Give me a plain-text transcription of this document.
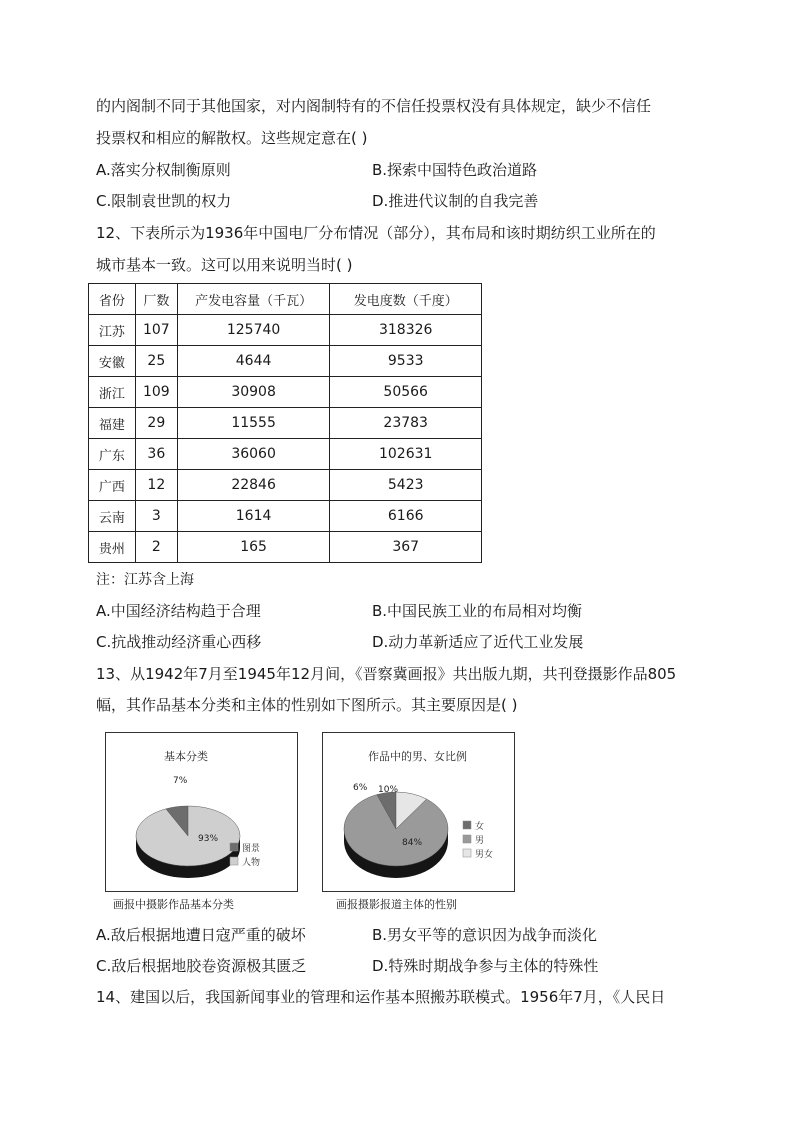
的内阁制不同于其他国家，对内阁制特有的不信任投票权没有具体规定，缺少不信任
投票权和相应的解散权。这些规定意在( )
A.落实分权制衡原则	B.探索中国特色政治道路
C.限制袁世凯的权力	D.推进代议制的自我完善
12、下表所示为1936年中国电厂分布情况（部分），其布局和该时期纺织工业所在的
城市基本一致。这可以用来说明当时( )
省份	厂数	产发电容量（千瓦）	发电度数（千度）
江苏	107	125740	318326
安徽	25	4644	9533
浙江	109	30908	50566
福建	29	11555	23783
广东	36	36060	102631
广西	12	22846	5423
云南	3	1614	6166
贵州	2	165	367
注：江苏含上海
A.中国经济结构趋于合理	B.中国民族工业的布局相对均衡
C.抗战推动经济重心西移	D.动力革新适应了近代工业发展
13、从1942年7月至1945年12月间，《晋察冀画报》共出版九期，共刊登摄影作品805
幅，其作品基本分类和主体的性别如下图所示。其主要原因是( )
基本分类
7%
93%
图景
人物
画报中摄影作品基本分类
作品中的男、女比例
6%
84%
10%
女
男
男女
画报摄影报道主体的性别
A.敌后根据地遭日寇严重的破坏	B.男女平等的意识因为战争而淡化
C.敌后根据地胶卷资源极其匮乏	D.特殊时期战争参与主体的特殊性
14、建国以后，我国新闻事业的管理和运作基本照搬苏联模式。1956年7月，《人民日
